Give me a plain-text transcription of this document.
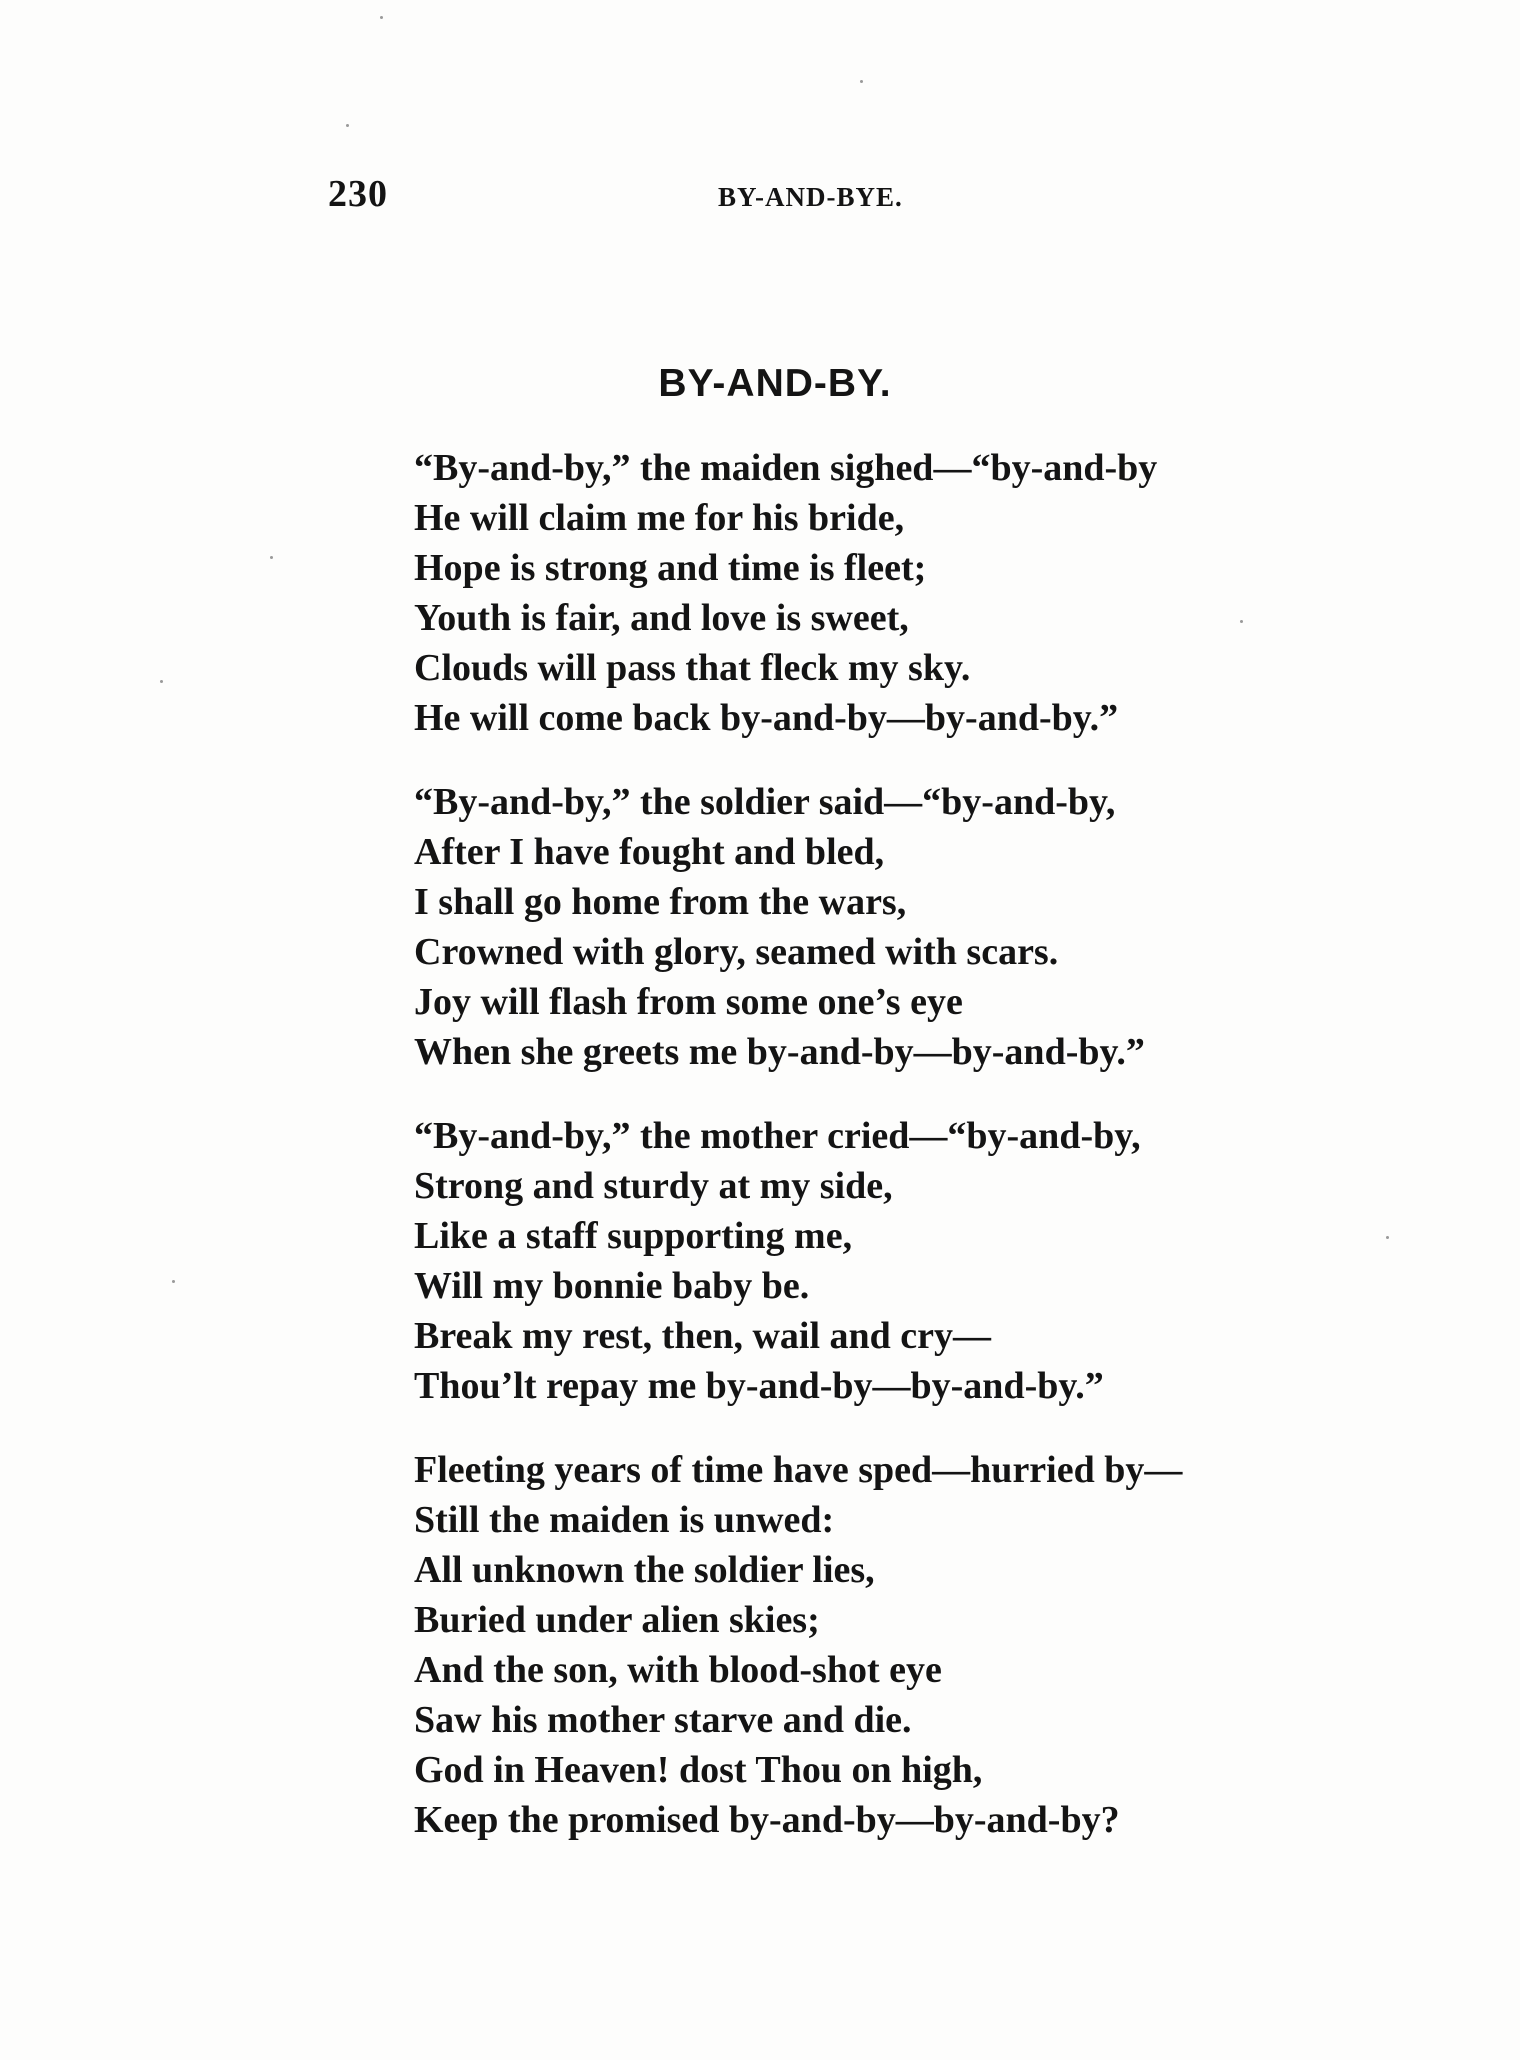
230	BY-AND-BYE.
BY-AND-BY.
“By-and-by,” the maiden sighed—“by-and-by
He will claim me for his bride,
Hope is strong and time is fleet;
Youth is fair, and love is sweet,
Clouds will pass that fleck my sky.
He will come back by-and-by—by-and-by.”
“By-and-by,” the soldier said—“by-and-by,
After I have fought and bled,
I shall go home from the wars,
Crowned with glory, seamed with scars.
Joy will flash from some one’s eye
When she greets me by-and-by—by-and-by.”
“By-and-by,” the mother cried—“by-and-by,
Strong and sturdy at my side,
Like a staff supporting me,
Will my bonnie baby be.
Break my rest, then, wail and cry—
Thou’lt repay me by-and-by—by-and-by.”
Fleeting years of time have sped—hurried by—
Still the maiden is unwed:
All unknown the soldier lies,
Buried under alien skies;
And the son, with blood-shot eye
Saw his mother starve and die.
God in Heaven! dost Thou on high,
Keep the promised by-and-by—by-and-by?
